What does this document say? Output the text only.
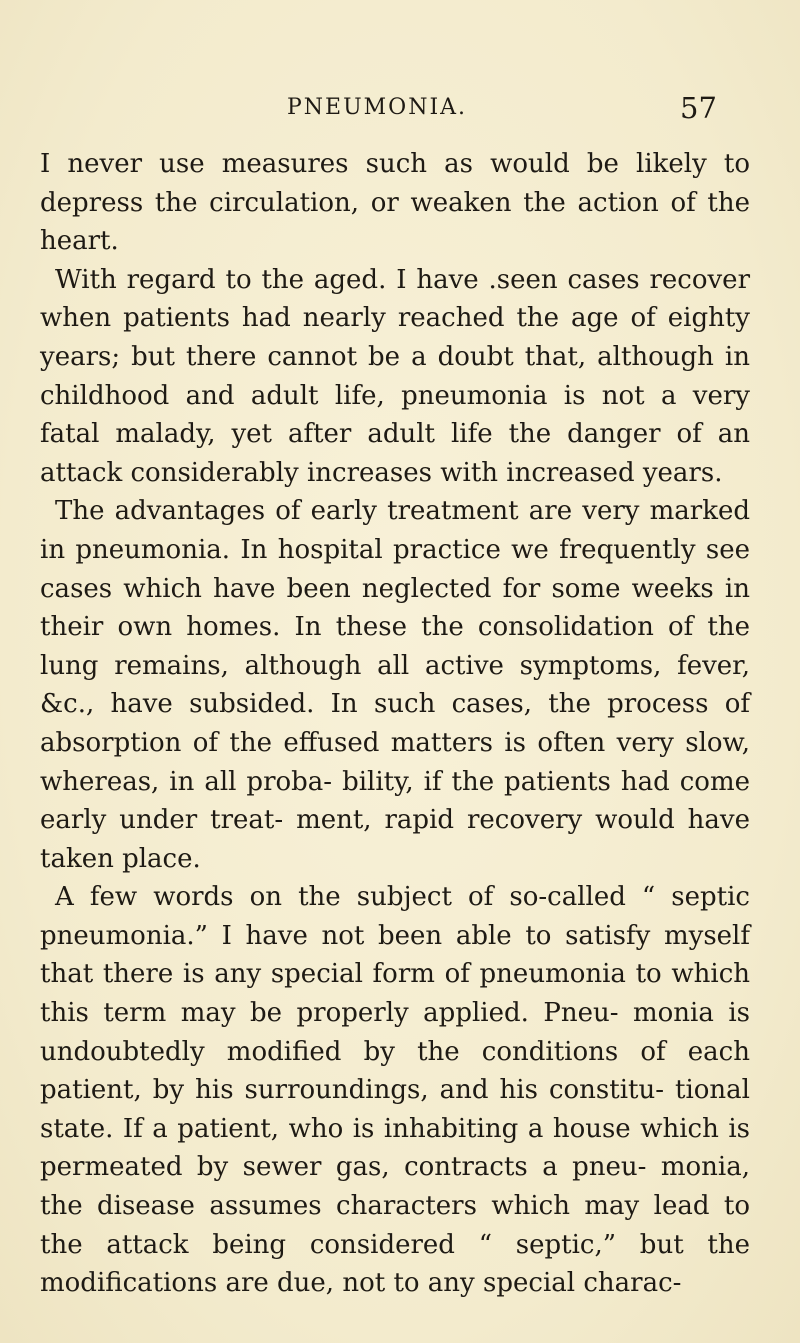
PNEUMONIA.	57

I never use measures such as would be likely to depress the circulation, or weaken the action of the heart.

With regard to the aged. I have .seen cases recover when patients had nearly reached the age of eighty years; but there cannot be a doubt that, although in childhood and adult life, pneumonia is not a very fatal malady, yet after adult life the danger of an attack considerably increases with increased years.

The advantages of early treatment are very marked in pneumonia. In hospital practice we frequently see cases which have been neglected for some weeks in their own homes. In these the consolidation of the lung remains, although all active symptoms, fever, &c., have subsided. In such cases, the process of absorption of the effused matters is often very slow, whereas, in all proba- bility, if the patients had come early under treat- ment, rapid recovery would have taken place.

A few words on the subject of so-called “ septic pneumonia.” I have not been able to satisfy myself that there is any special form of pneumonia to which this term may be properly applied. Pneu- monia is undoubtedly modified by the conditions of each patient, by his surroundings, and his constitu- tional state. If a patient, who is inhabiting a house which is permeated by sewer gas, contracts a pneu- monia, the disease assumes characters which may lead to the attack being considered “ septic,” but the modifications are due, not to any special charac-
